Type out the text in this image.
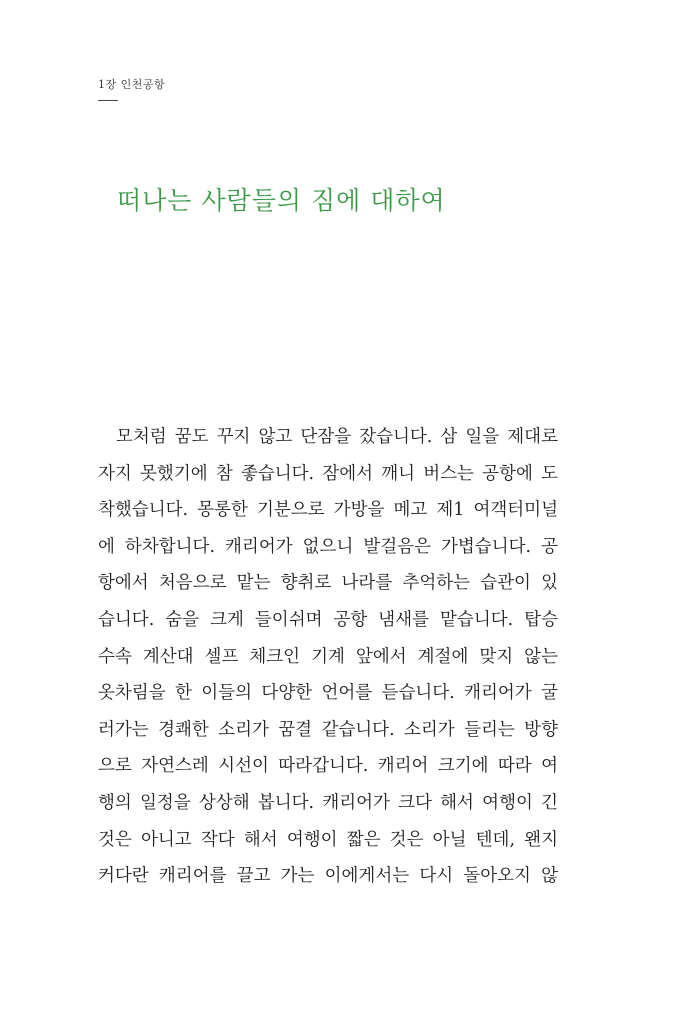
1장 인천공항
떠나는 사람들의 짐에 대하여
모처럼 꿈도 꾸지 않고 단잠을 잤습니다. 삼 일을 제대로
자지 못했기에 참 좋습니다. 잠에서 깨니 버스는 공항에 도
착했습니다. 몽롱한 기분으로 가방을 메고 제1 여객터미널
에 하차합니다. 캐리어가 없으니 발걸음은 가볍습니다. 공
항에서 처음으로 맡는 향취로 나라를 추억하는 습관이 있
습니다. 숨을 크게 들이쉬며 공항 냄새를 맡습니다. 탑승
수속 계산대 셀프 체크인 기계 앞에서 계절에 맞지 않는
옷차림을 한 이들의 다양한 언어를 듣습니다. 캐리어가 굴
러가는 경쾌한 소리가 꿈결 같습니다. 소리가 들리는 방향
으로 자연스레 시선이 따라갑니다. 캐리어 크기에 따라 여
행의 일정을 상상해 봅니다. 캐리어가 크다 해서 여행이 긴
것은 아니고 작다 해서 여행이 짧은 것은 아닐 텐데, 왠지
커다란 캐리어를 끌고 가는 이에게서는 다시 돌아오지 않
